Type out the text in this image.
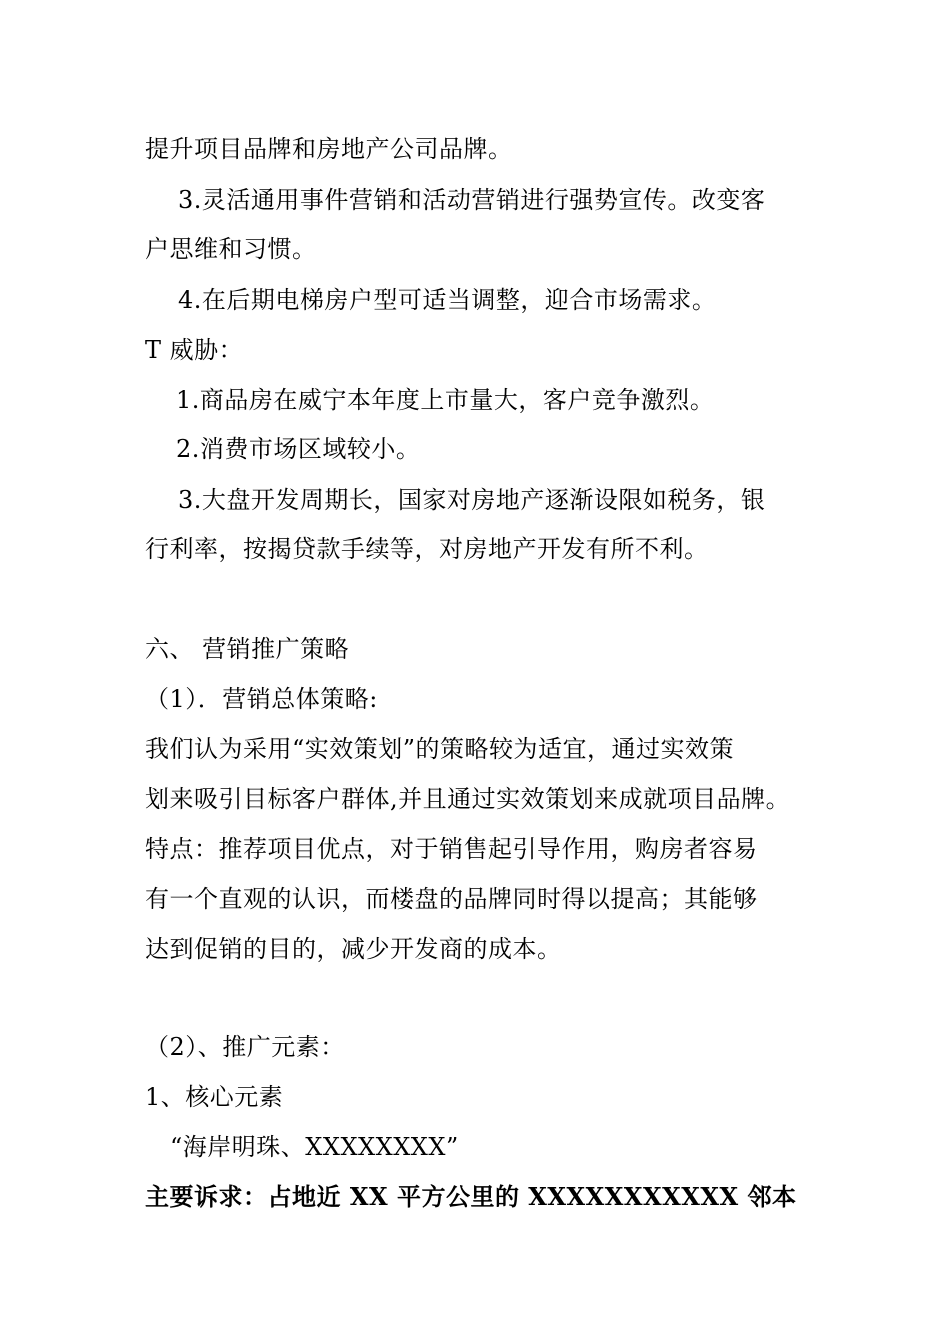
提升项目品牌和房地产公司品牌。
3.灵活通用事件营销和活动营销进行强势宣传。改变客
户思维和习惯。
4.在后期电梯房户型可适当调整，迎合市场需求。
T 威胁：
1.商品房在威宁本年度上市量大，客户竞争激烈。
2.消费市场区域较小。
3.大盘开发周期长，国家对房地产逐渐设限如税务，银
行利率，按揭贷款手续等，对房地产开发有所不利。
六、 营销推广策略
（1）．营销总体策略:
我们认为采用“实效策划”的策略较为适宜，通过实效策
划来吸引目标客户群体,并且通过实效策划来成就项目品牌。
特点：推荐项目优点，对于销售起引导作用，购房者容易
有一个直观的认识，而楼盘的品牌同时得以提高；其能够
达到促销的目的，减少开发商的成本。
（2）、推广元素：
1、核心元素
“海岸明珠、XXXXXXXX”
主要诉求：占地近 XX 平方公里的 XXXXXXXXXXX 邻本
